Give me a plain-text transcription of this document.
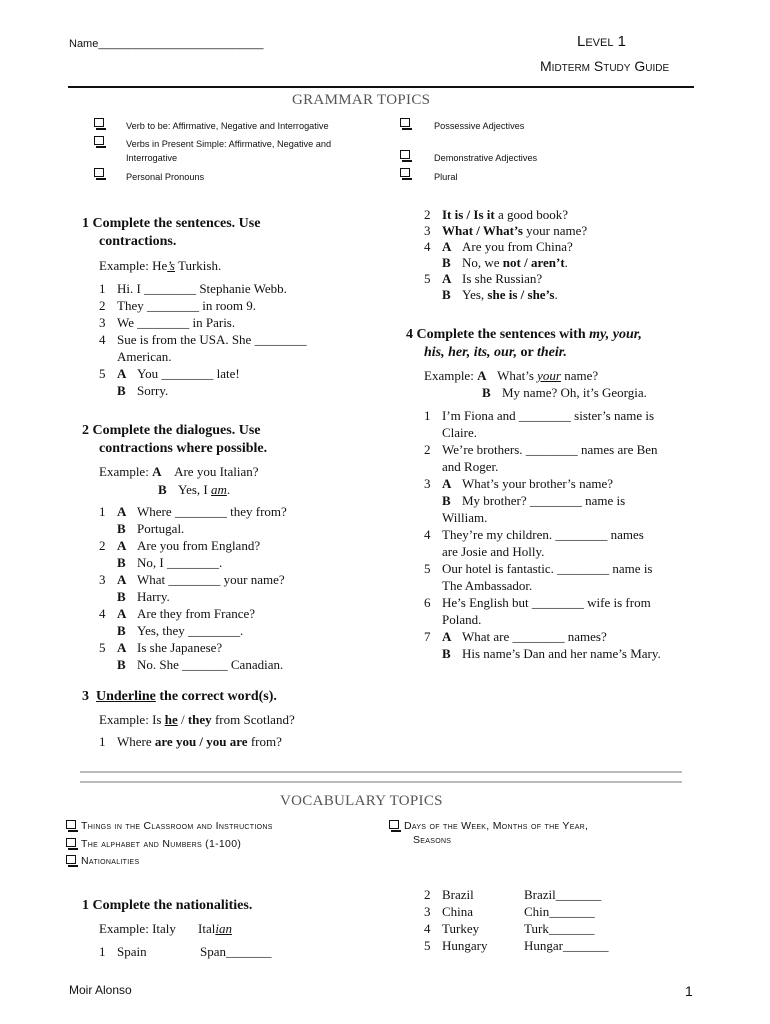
Name___________________________	Level 1
Midterm Study Guide
GRAMMAR TOPICS
Verb to be: Affirmative, Negative and Interrogative
Verbs in Present Simple: Affirmative, Negative and
Interrogative
Personal Pronouns
Possessive Adjectives
Demonstrative Adjectives
Plural
1 Complete the sentences. Use
contractions.
Example: He’s Turkish.
1 Hi. I ________ Stephanie Webb.
2 They ________ in room 9.
3 We ________ in Paris.
4 Sue is from the USA. She ________
American.
5 A You ________ late!
B Sorry.
2 Complete the dialogues. Use
contractions where possible.
Example: A Are you Italian?
B Yes, I am.
1 A Where ________ they from?
B Portugal.
2 A Are you from England?
B No, I ________.
3 A What ________ your name?
B Harry.
4 A Are they from France?
B Yes, they ________.
5 A Is she Japanese?
B No. She _______ Canadian.
3 Underline the correct word(s).
Example: Is he / they from Scotland?
1 Where are you / you are from?
2 It is / Is it a good book?
3 What / What’s your name?
4 A Are you from China?
B No, we not / aren’t.
5 A Is she Russian?
B Yes, she is / she’s.
4 Complete the sentences with my, your,
his, her, its, our, or their.
Example: A What’s your name?
B My name? Oh, it’s Georgia.
1 I’m Fiona and ________ sister’s name is
Claire.
2 We’re brothers. ________ names are Ben
and Roger.
3 A What’s your brother’s name?
B My brother? ________ name is
William.
4 They’re my children. ________ names
are Josie and Holly.
5 Our hotel is fantastic. ________ name is
The Ambassador.
6 He’s English but ________ wife is from
Poland.
7 A What are ________ names?
B His name’s Dan and her name’s Mary.
VOCABULARY TOPICS
Things in the Classroom and Instructions
The alphabet and Numbers (1-100)
Nationalities
Days of the Week, Months of the Year,
Seasons
1 Complete the nationalities.
Example: Italy Italian
1 Spain	Span_______
2 Brazil	Brazil_______
3 China	Chin_______
4 Turkey	Turk_______
5 Hungary	Hungar_______
Moir Alonso	1
